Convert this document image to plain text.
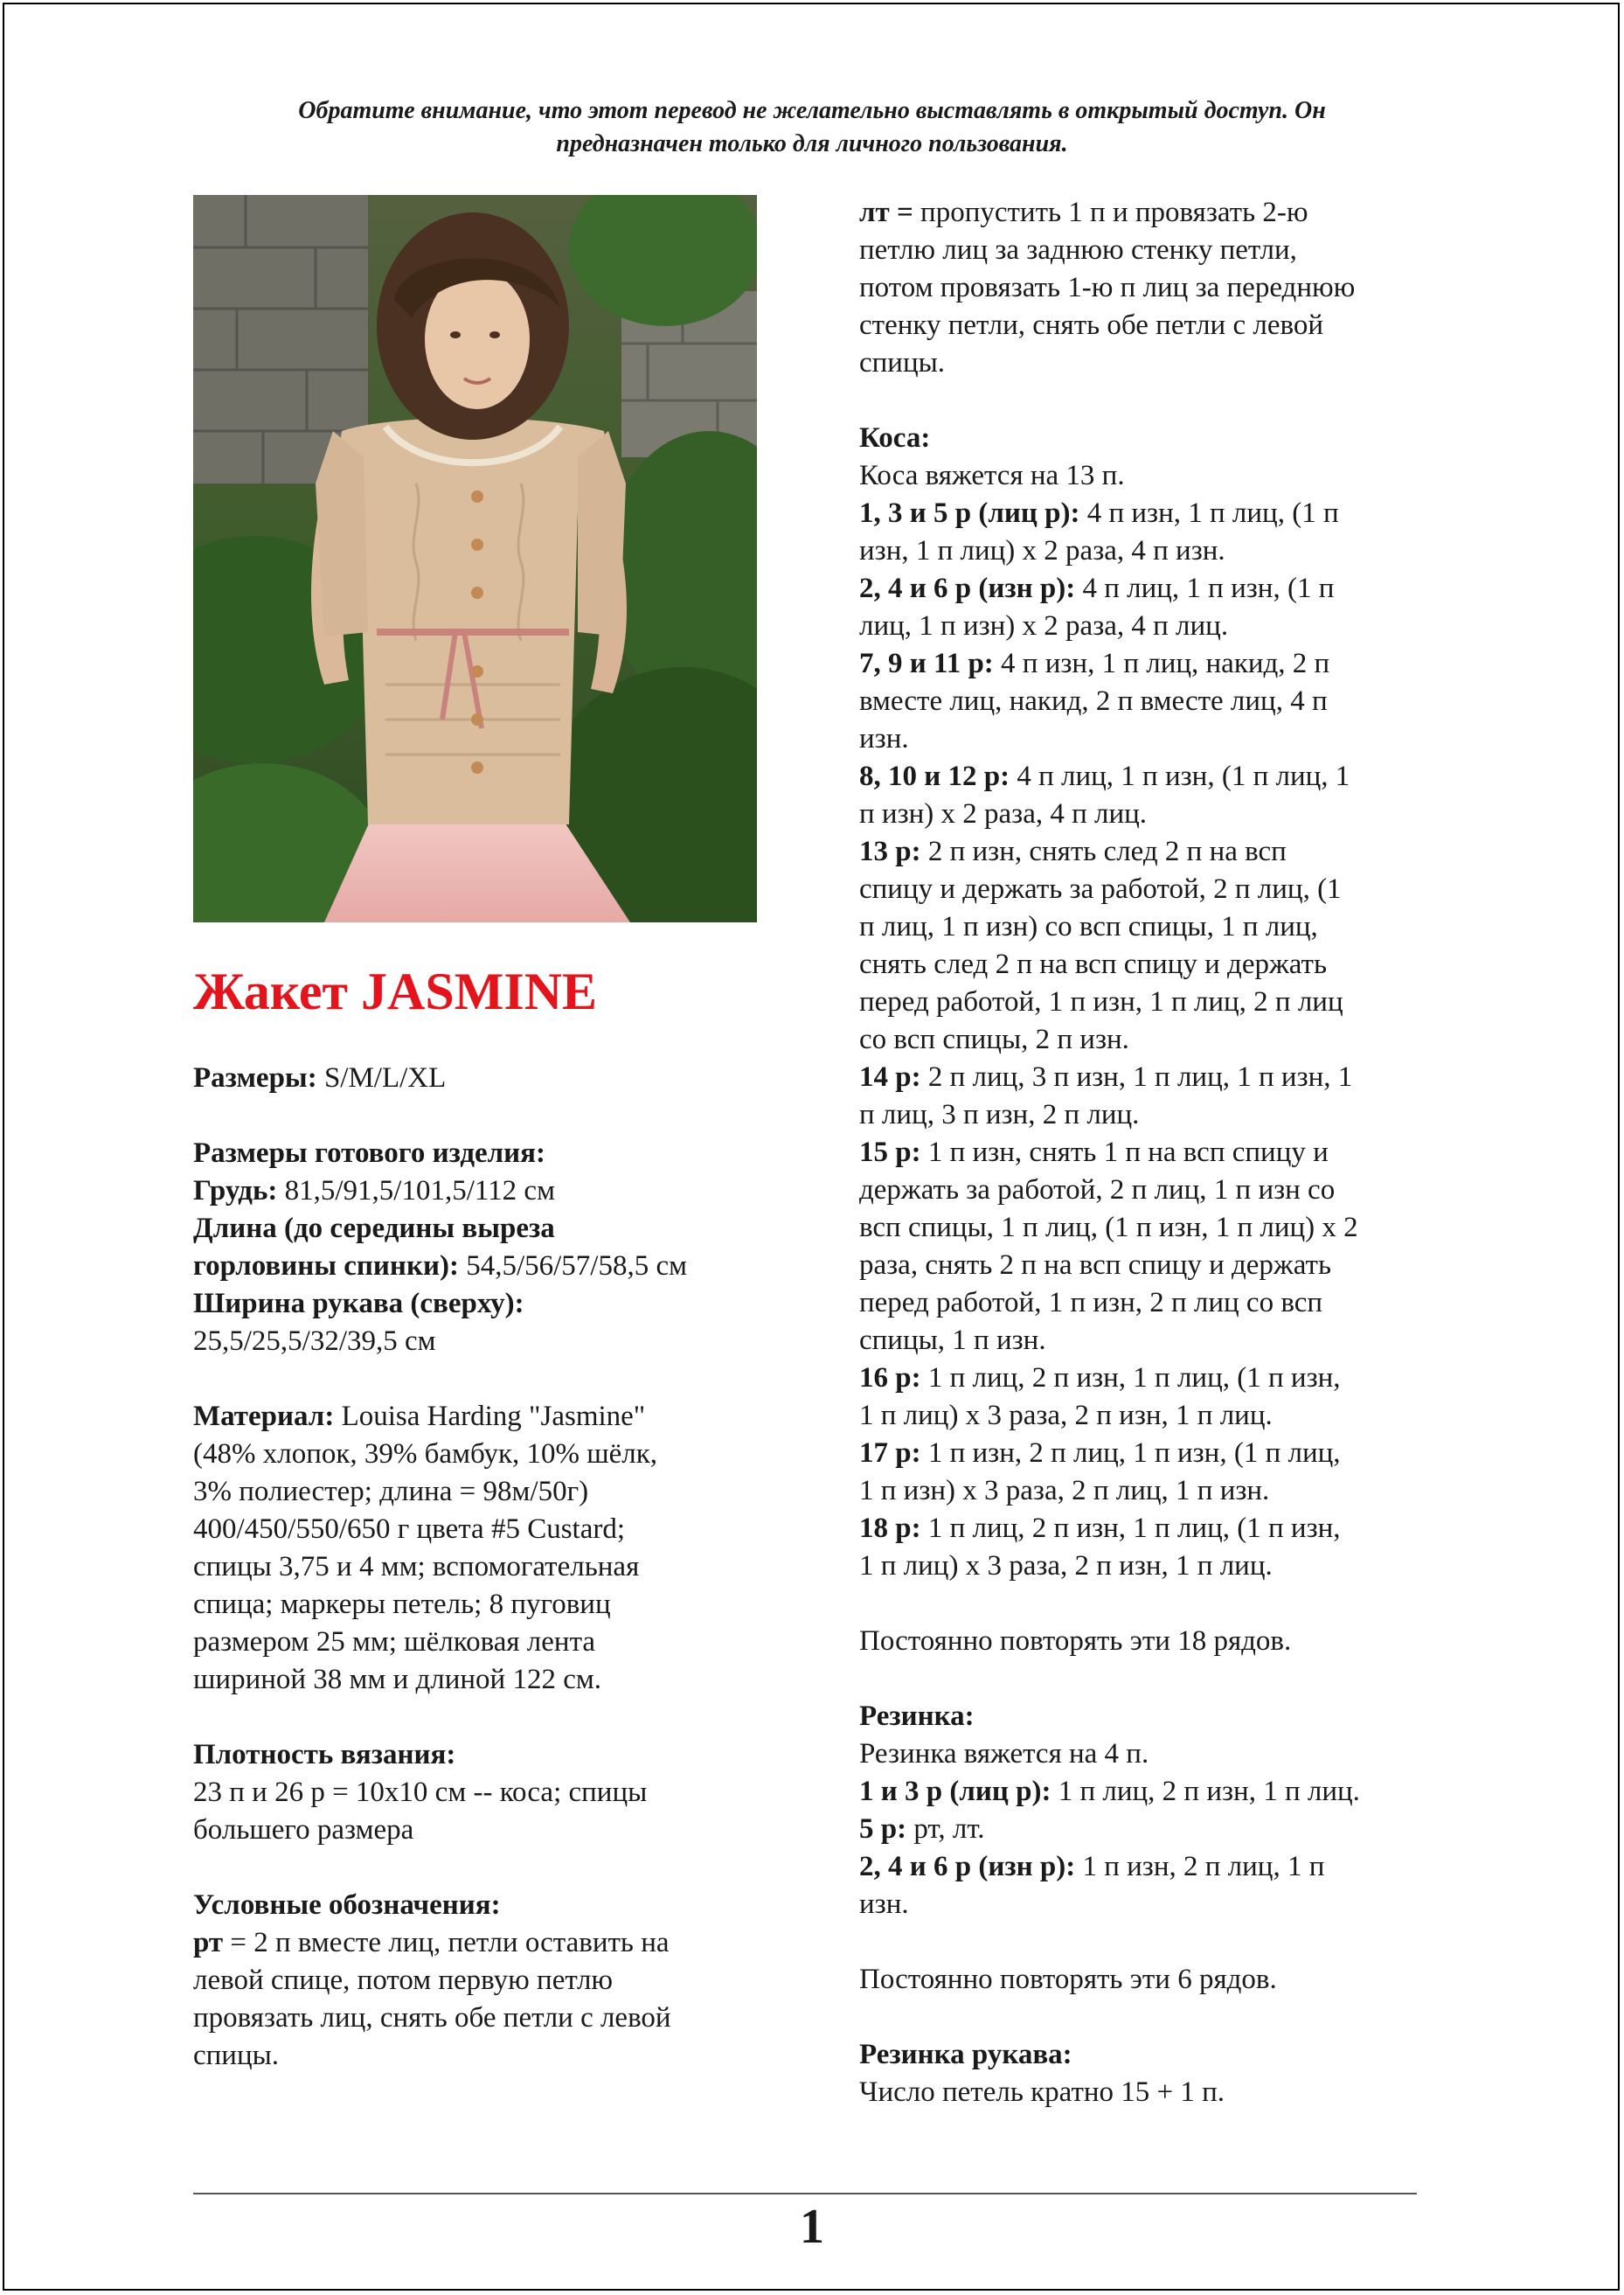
Обратите внимание, что этот перевод не желательно выставлять в открытый доступ. Он
предназначен только для личного пользования.
Жакет JASMINE

Размеры: S/M/L/XL

Размеры готового изделия:

Грудь: 81,5/91,5/101,5/112 см

Длина (до середины выреза

горловины спинки): 54,5/56/57/58,5 см

Ширина рукава (сверху):

25,5/25,5/32/39,5 см

Материал: Louisa Harding "Jasmine"

(48% хлопок, 39% бамбук, 10% шёлк,

3% полиестер; длина = 98м/50г)

400/450/550/650 г цвета #5 Custard;

спицы 3,75 и 4 мм; вспомогательная

спица; маркеры петель; 8 пуговиц

размером 25 мм; шёлковая лента

шириной 38 мм и длиной 122 см.

Плотность вязания:

23 п и 26 р = 10x10 см -- коса; спицы

большего размера

Условные обозначения:

рт = 2 п вместе лиц, петли оставить на

левой спице, потом первую петлю

провязать лиц, снять обе петли с левой

спицы.

лт = пропустить 1 п и провязать 2-ю

петлю лиц за заднюю стенку петли,

потом провязать 1-ю п лиц за переднюю

стенку петли, снять обе петли с левой

спицы.

Коса:

Коса вяжется на 13 п.

1, 3 и 5 р (лиц р): 4 п изн, 1 п лиц, (1 п

изн, 1 п лиц) х 2 раза, 4 п изн.

2, 4 и 6 р (изн р): 4 п лиц, 1 п изн, (1 п

лиц, 1 п изн) х 2 раза, 4 п лиц.

7, 9 и 11 р: 4 п изн, 1 п лиц, накид, 2 п

вместе лиц, накид, 2 п вместе лиц, 4 п

изн.

8, 10 и 12 р: 4 п лиц, 1 п изн, (1 п лиц, 1

п изн) х 2 раза, 4 п лиц.

13 р: 2 п изн, снять след 2 п на всп

спицу и держать за работой, 2 п лиц, (1

п лиц, 1 п изн) со всп спицы, 1 п лиц,

снять след 2 п на всп спицу и держать

перед работой, 1 п изн, 1 п лиц, 2 п лиц

со всп спицы, 2 п изн.

14 р: 2 п лиц, 3 п изн, 1 п лиц, 1 п изн, 1

п лиц, 3 п изн, 2 п лиц.

15 р: 1 п изн, снять 1 п на всп спицу и

держать за работой, 2 п лиц, 1 п изн со

всп спицы, 1 п лиц, (1 п изн, 1 п лиц) х 2

раза, снять 2 п на всп спицу и держать

перед работой, 1 п изн, 2 п лиц со всп

спицы, 1 п изн.

16 р: 1 п лиц, 2 п изн, 1 п лиц, (1 п изн,

1 п лиц) х 3 раза, 2 п изн, 1 п лиц.

17 р: 1 п изн, 2 п лиц, 1 п изн, (1 п лиц,

1 п изн) х 3 раза, 2 п лиц, 1 п изн.

18 р: 1 п лиц, 2 п изн, 1 п лиц, (1 п изн,

1 п лиц) х 3 раза, 2 п изн, 1 п лиц.

Постоянно повторять эти 18 рядов.

Резинка:

Резинка вяжется на 4 п.

1 и 3 р (лиц р): 1 п лиц, 2 п изн, 1 п лиц.

5 р: рт, лт.

2, 4 и 6 р (изн р): 1 п изн, 2 п лиц, 1 п

изн.

Постоянно повторять эти 6 рядов.

Резинка рукава:

Число петель кратно 15 + 1 п.

1
